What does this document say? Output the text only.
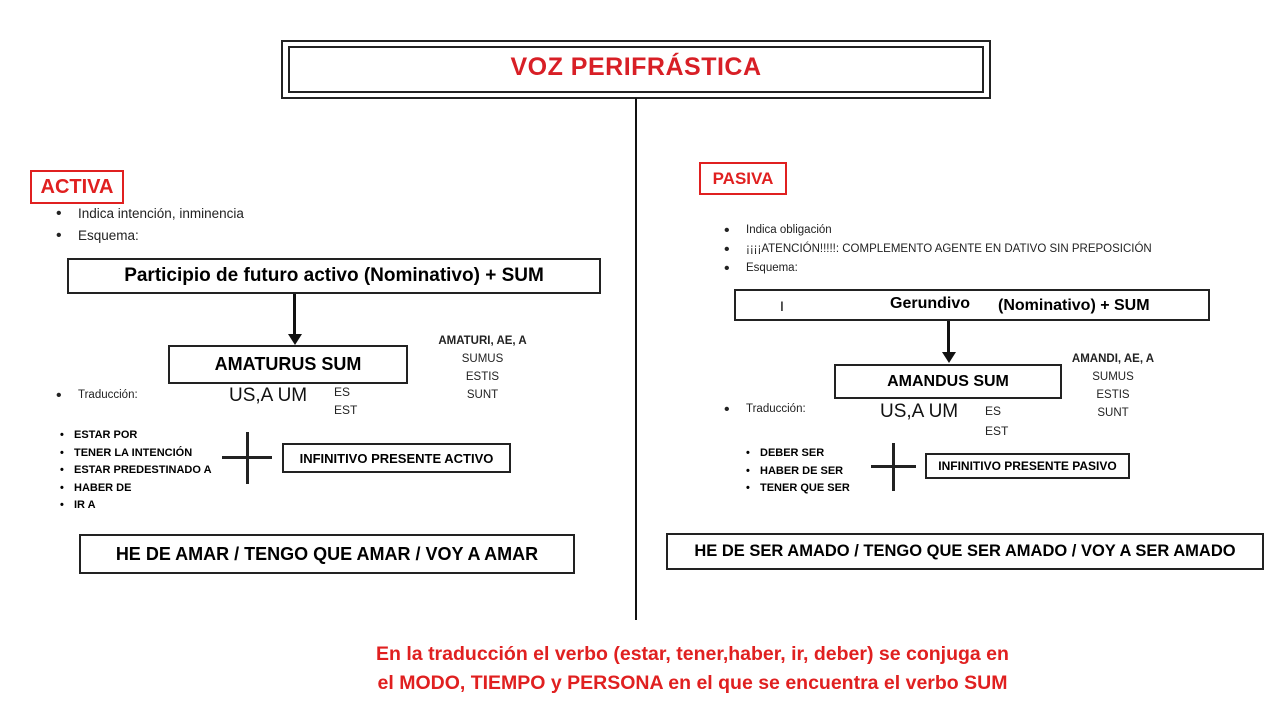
VOZ PERIFRÁSTICA
ACTIVA
• Indica intención, inminencia
• Esquema:
Participio de futuro activo (Nominativo) + SUM
AMATURUS SUM
• Traducción:	US,A UM ES
EST
AMATURI, AE, A
SUMUS
ESTIS
SUNT
• ESTAR POR
• TENER LA INTENCIÓN
• ESTAR PREDESTINADO A
• HABER DE
• IR A
INFINITIVO PRESENTE ACTIVO
HE DE AMAR / TENGO QUE AMAR / VOY A AMAR
PASIVA
• Indica obligación
• ¡¡¡¡ATENCIÓN!!!!!: COMPLEMENTO AGENTE EN DATIVO SIN PREPOSICIÓN
• Esquema:
I	Gerundivo (Nominativo) + SUM
AMANDUS SUM
• Traducción:	US,A UM ES
EST
AMANDI, AE, A
SUMUS
ESTIS
SUNT
• DEBER SER
• HABER DE SER
• TENER QUE SER
INFINITIVO PRESENTE PASIVO
HE DE SER AMADO / TENGO QUE SER AMADO / VOY A SER AMADO
En la traducción el verbo (estar, tener,haber, ir, deber) se conjuga en
el MODO, TIEMPO y PERSONA en el que se encuentra el verbo SUM
